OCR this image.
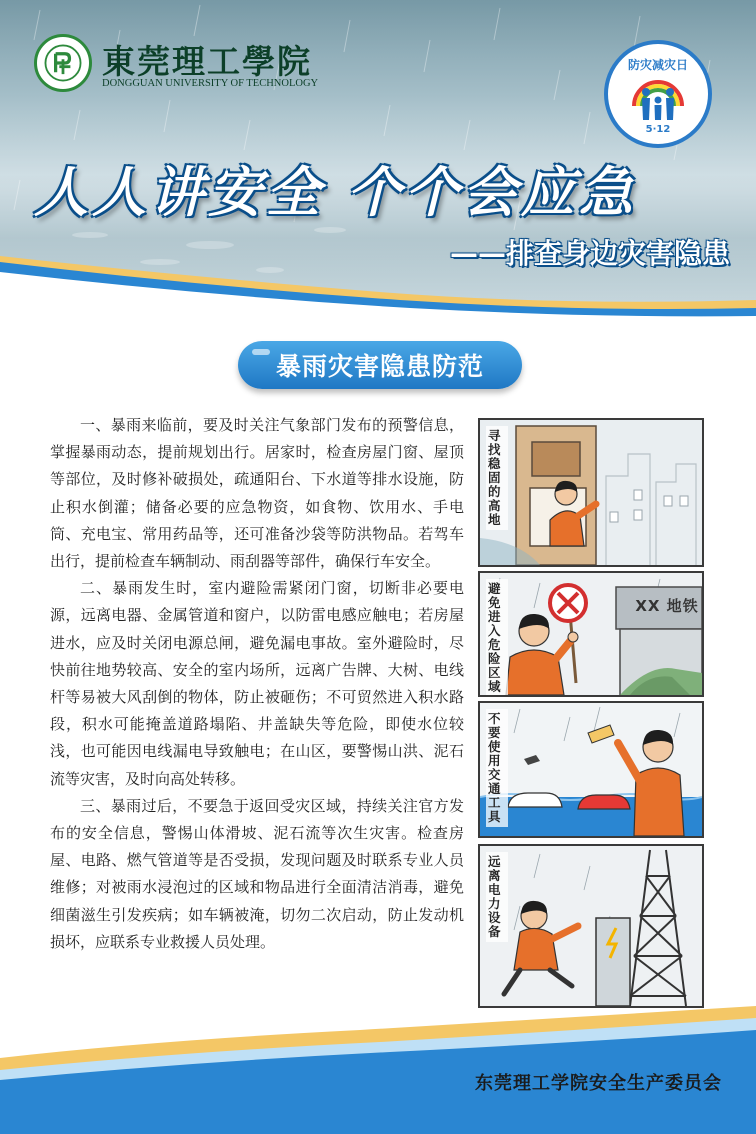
東莞理工學院
DONGGUAN UNIVERSITY OF TECHNOLOGY
防灾减灾日
5·12
人人讲安全 个个会应急
——排查身边灾害隐患
暴雨灾害隐患防范

一、暴雨来临前，要及时关注气象部门发布的预警信息，掌握暴雨动态，提前规划出行。居家时，检查房屋门窗、屋顶等部位，及时修补破损处，疏通阳台、下水道等排水设施，防止积水倒灌；储备必要的应急物资，如食物、饮用水、手电筒、充电宝、常用药品等，还可准备沙袋等防洪物品。若驾车出行，提前检查车辆制动、雨刮器等部件，确保行车安全。

二、暴雨发生时，室内避险需紧闭门窗，切断非必要电源，远离电器、金属管道和窗户，以防雷电感应触电；若房屋进水，应及时关闭电源总闸，避免漏电事故。室外避险时，尽快前往地势较高、安全的室内场所，远离广告牌、大树、电线杆等易被大风刮倒的物体，防止被砸伤；不可贸然进入积水路段，积水可能掩盖道路塌陷、井盖缺失等危险，即使水位较浅，也可能因电线漏电导致触电；在山区，要警惕山洪、泥石流等灾害，及时向高处转移。

三、暴雨过后，不要急于返回受灾区域，持续关注官方发布的安全信息，警惕山体滑坡、泥石流等次生灾害。检查房屋、电路、燃气管道等是否受损，发现问题及时联系专业人员维修；对被雨水浸泡过的区域和物品进行全面清洁消毒，避免细菌滋生引发疾病；如车辆被淹，切勿二次启动，防止发动机损坏，应联系专业救援人员处理。

寻找稳固的高地
避免进入危险区域
XX 地铁
不要使用交通工具
远离电力设备
东莞理工学院安全生产委员会
